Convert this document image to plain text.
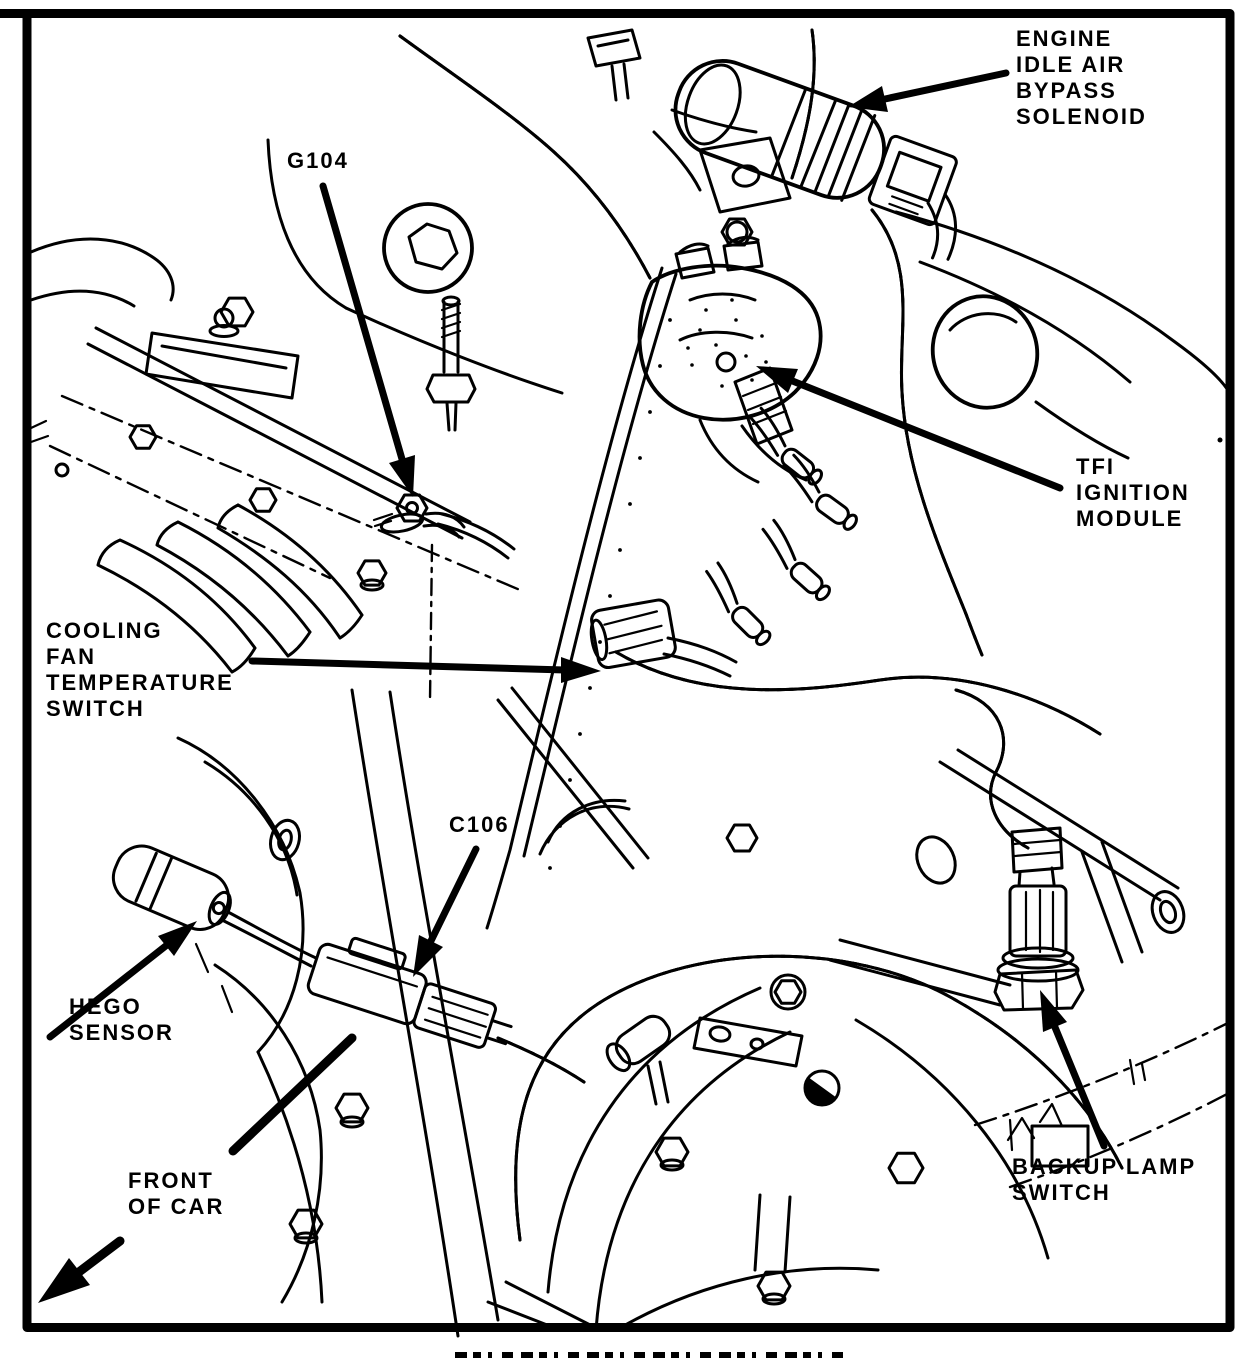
ENGINE
IDLE AIR
BYPASS
SOLENOID
G104
TFI
IGNITION
MODULE
COOLING
FAN
TEMPERATURE
SWITCH
C106
HEGO
SENSOR
BACKUP LAMP
SWITCH
FRONT
OF CAR
